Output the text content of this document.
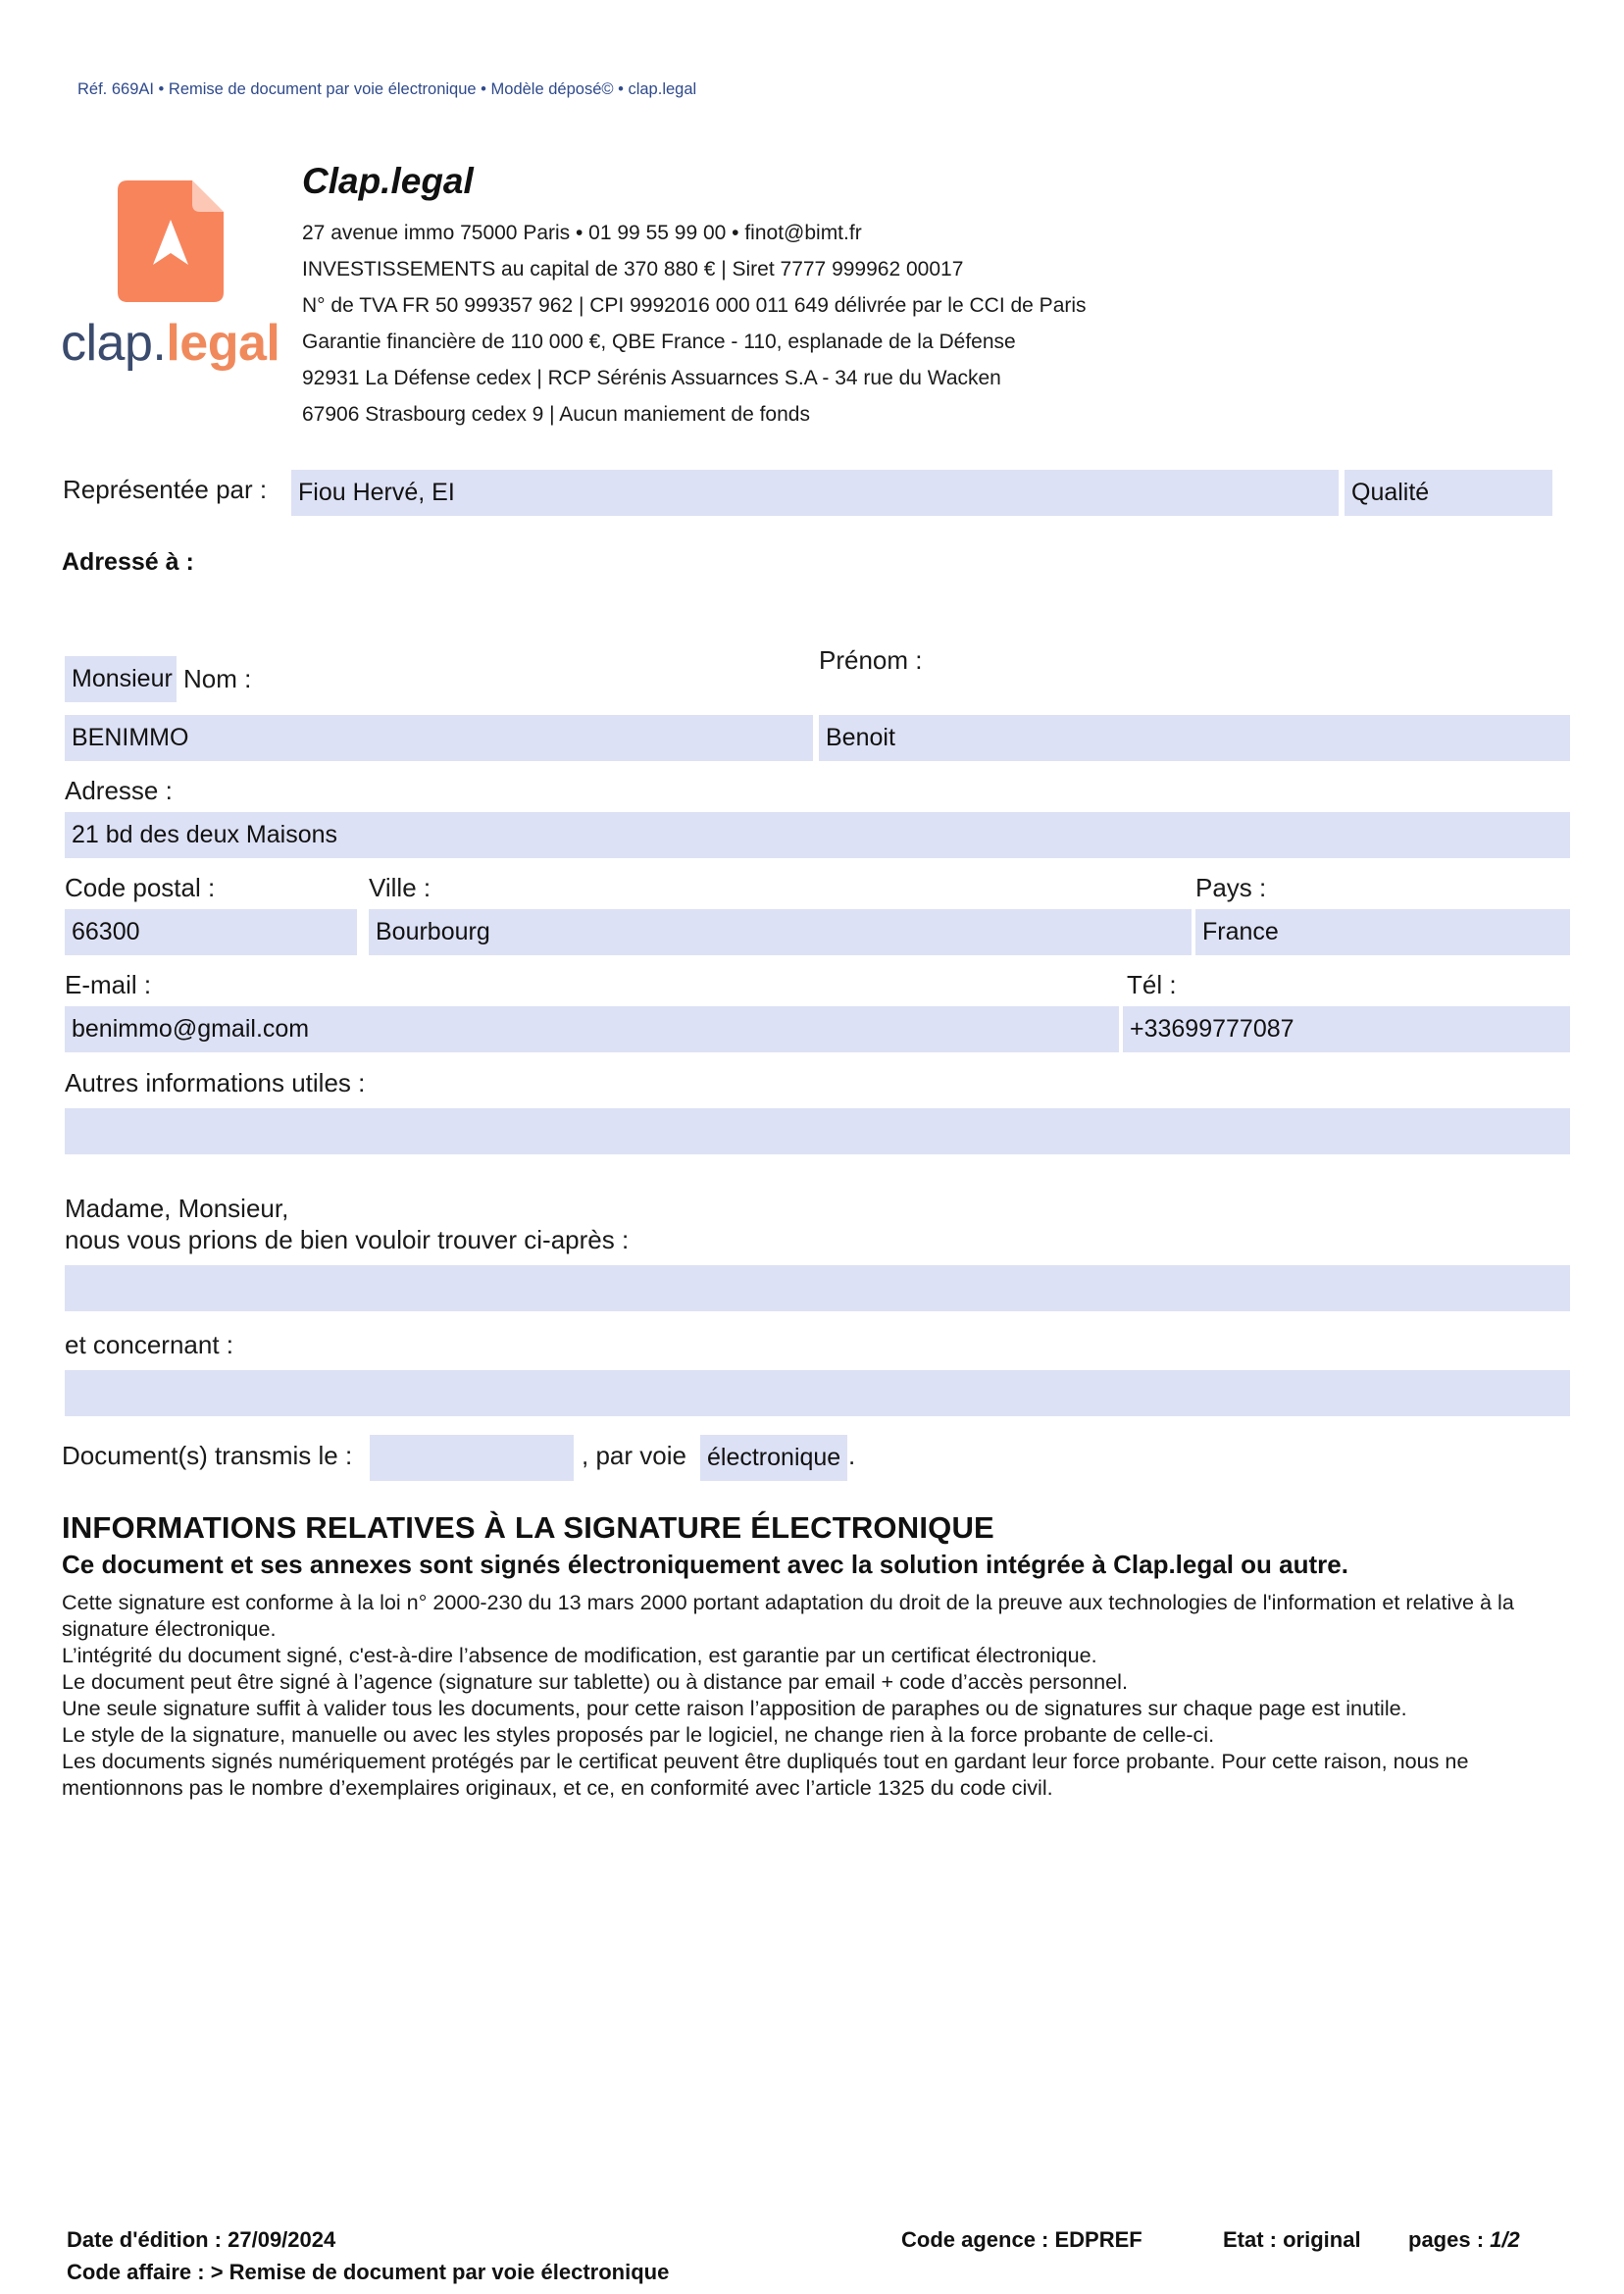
Réf. 669AI • Remise de document par voie électronique • Modèle déposé© • clap.legal
clap.legal
Clap.legal
27 avenue immo 75000 Paris • 01 99 55 99 00 • finot@bimt.fr
INVESTISSEMENTS au capital de 370 880 € | Siret 7777 999962 00017
N° de TVA FR 50 999357 962 | CPI 9992016 000 011 649 délivrée par le CCI de Paris
Garantie financière de 110 000 €, QBE France - 110, esplanade de la Défense
92931 La Défense cedex | RCP Sérénis Assuarnces S.A - 34 rue du Wacken
67906 Strasbourg cedex 9 | Aucun maniement de fonds
Représentée par : Fiou Hervé, EI	Qualité
Adressé à :
Monsieur Nom :
Prénom :
BENIMMO	Benoit
Adresse :
21 bd des deux Maisons
Code postal :	Ville :	Pays :
66300	Bourbourg	France
E-mail :	Tél :
benimmo@gmail.com	+33699777087
Autres informations utiles :
Madame, Monsieur,
nous vous prions de bien vouloir trouver ci-après :
et concernant :
Document(s) transmis le :	, par voie électronique .
INFORMATIONS RELATIVES À LA SIGNATURE ÉLECTRONIQUE
Ce document et ses annexes sont signés électroniquement avec la solution intégrée à Clap.legal ou autre.

Cette signature est conforme à la loi n° 2000-230 du 13 mars 2000 portant adaptation du droit de la preuve aux technologies de l'information et relative à la signature électronique.

L’intégrité du document signé, c'est-à-dire l’absence de modification, est garantie par un certificat électronique.

Le document peut être signé à l’agence (signature sur tablette) ou à distance par email + code d’accès personnel.

Une seule signature suffit à valider tous les documents, pour cette raison l’apposition de paraphes ou de signatures sur chaque page est inutile.

Le style de la signature, manuelle ou avec les styles proposés par le logiciel, ne change rien à la force probante de celle-ci.

Les documents signés numériquement protégés par le certificat peuvent être dupliqués tout en gardant leur force probante. Pour cette raison, nous ne mentionnons pas le nombre d’exemplaires originaux, et ce, en conformité avec l’article 1325 du code civil.

Date d'édition : 27/09/2024	Code agence : EDPREF	Etat : original pages : 1/2
Code affaire : > Remise de document par voie électronique
